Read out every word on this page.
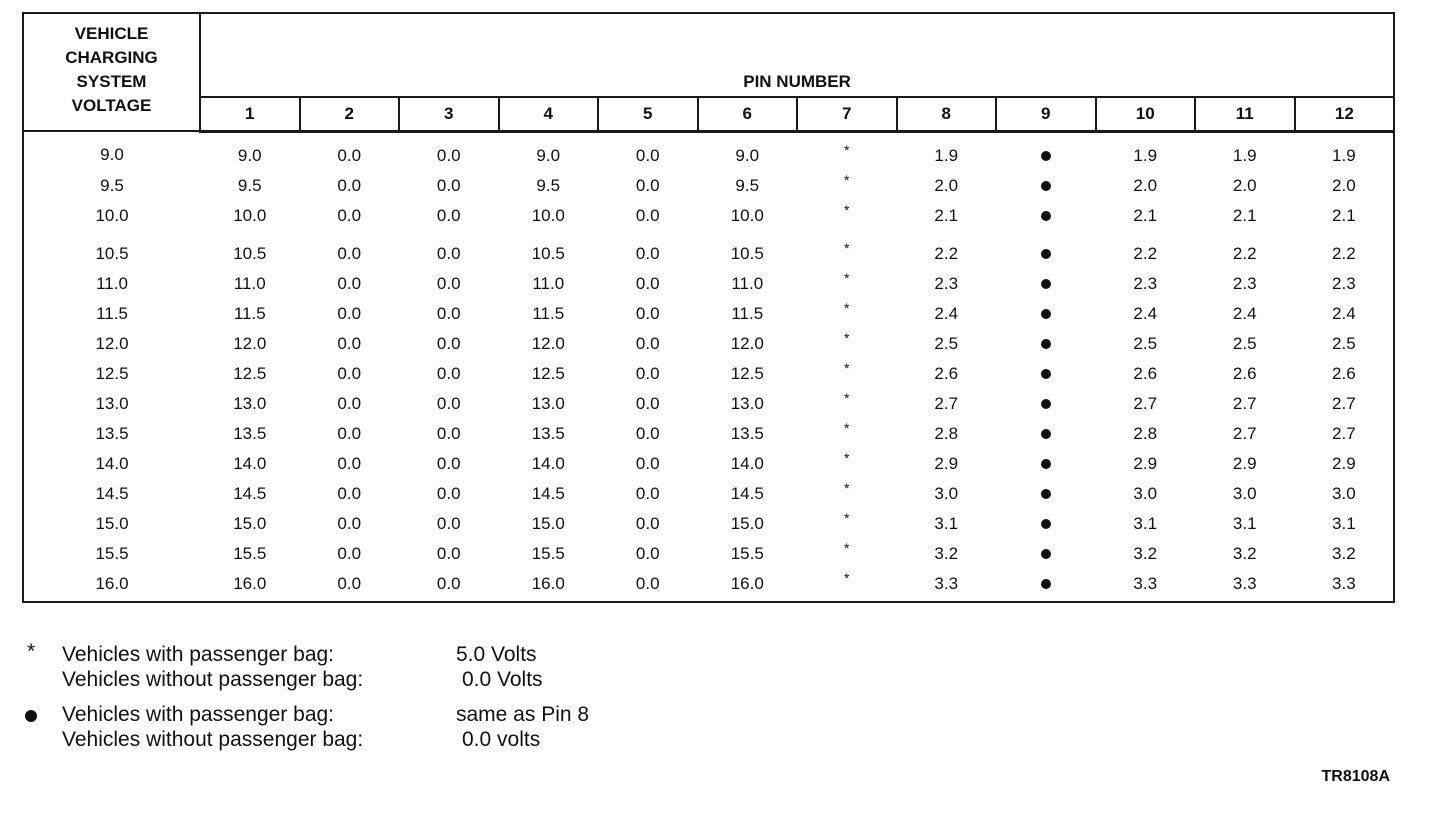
VEHICLE
CHARGING
SYSTEM
VOLTAGE	PIN NUMBER											
	1	2	3	4	5	6	7	8	9	10	11	12
9.0	9.0	0.0	0.0	9.0	0.0	9.0	*	1.9		1.9	1.9	1.9
9.5	9.5	0.0	0.0	9.5	0.0	9.5	*	2.0		2.0	2.0	2.0
10.0	10.0	0.0	0.0	10.0	0.0	10.0	*	2.1		2.1	2.1	2.1
10.5	10.5	0.0	0.0	10.5	0.0	10.5	*	2.2		2.2	2.2	2.2
11.0	11.0	0.0	0.0	11.0	0.0	11.0	*	2.3		2.3	2.3	2.3
11.5	11.5	0.0	0.0	11.5	0.0	11.5	*	2.4		2.4	2.4	2.4
12.0	12.0	0.0	0.0	12.0	0.0	12.0	*	2.5		2.5	2.5	2.5
12.5	12.5	0.0	0.0	12.5	0.0	12.5	*	2.6		2.6	2.6	2.6
13.0	13.0	0.0	0.0	13.0	0.0	13.0	*	2.7		2.7	2.7	2.7
13.5	13.5	0.0	0.0	13.5	0.0	13.5	*	2.8		2.8	2.7	2.7
14.0	14.0	0.0	0.0	14.0	0.0	14.0	*	2.9		2.9	2.9	2.9
14.5	14.5	0.0	0.0	14.5	0.0	14.5	*	3.0		3.0	3.0	3.0
15.0	15.0	0.0	0.0	15.0	0.0	15.0	*	3.1		3.1	3.1	3.1
15.5	15.5	0.0	0.0	15.5	0.0	15.5	*	3.2		3.2	3.2	3.2
16.0	16.0	0.0	0.0	16.0	0.0	16.0	*	3.3		3.3	3.3	3.3
* Vehicles with passenger bag:	5.0 Volts
Vehicles without passenger bag:	0.0 Volts
Vehicles with passenger bag:	same as Pin 8
Vehicles without passenger bag:	0.0 volts
TR8108A
